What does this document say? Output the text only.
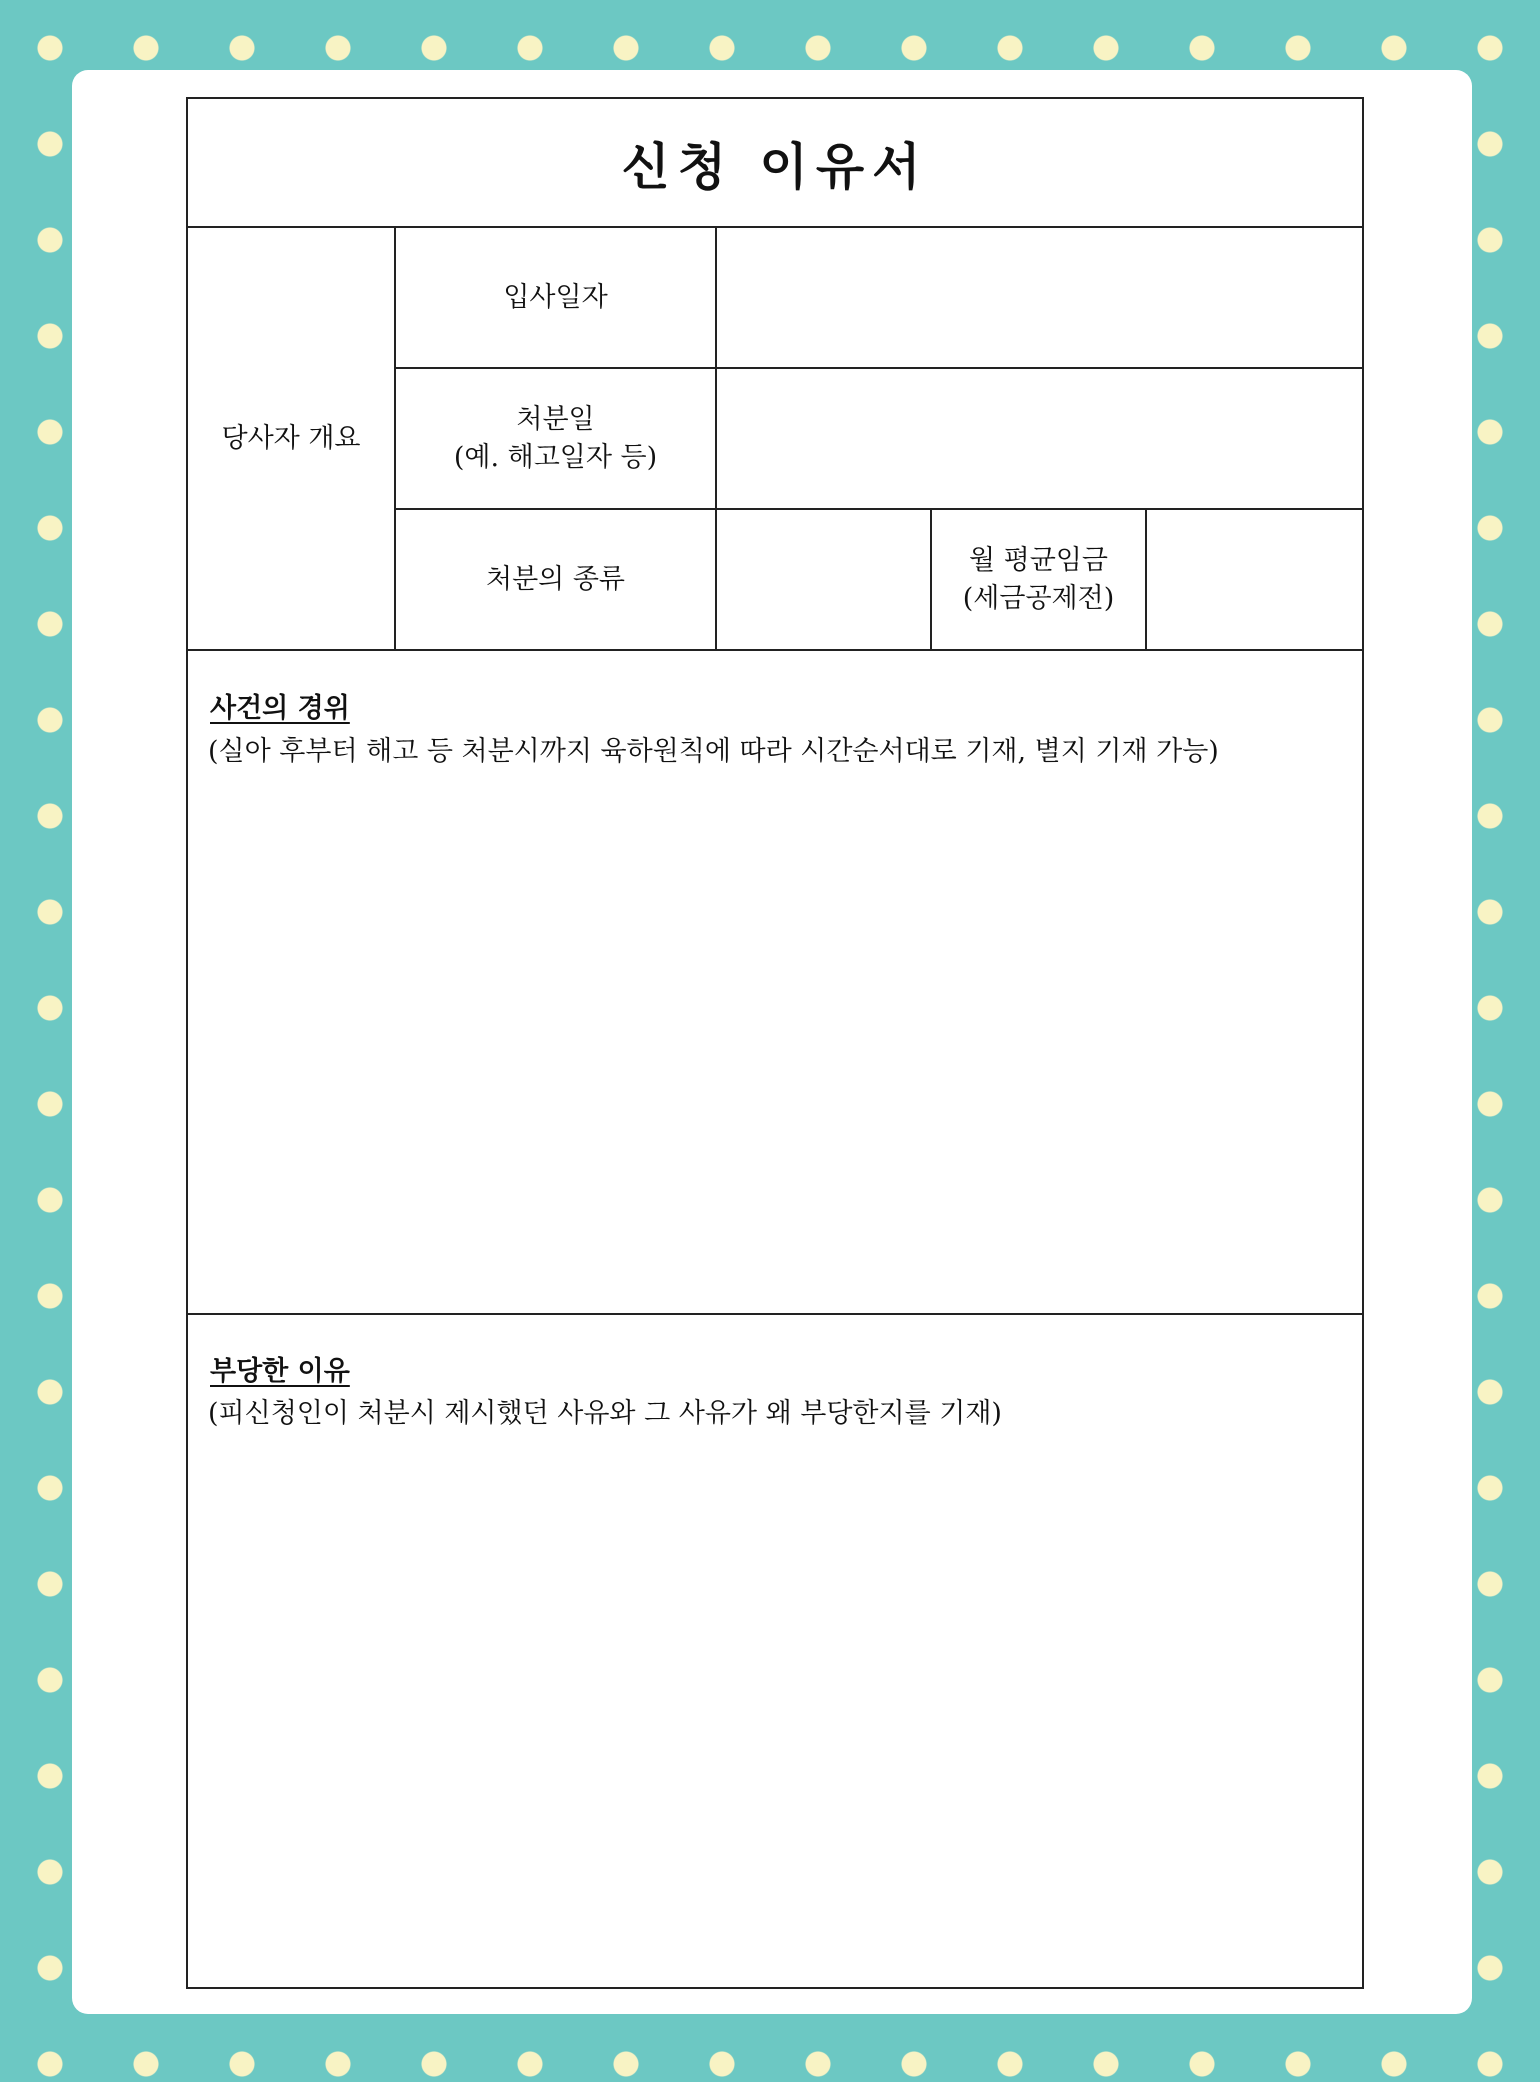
신청 이유서
당사자 개요
입사일자
처분일
(예. 해고일자 등)
처분의 종류
월 평균임금
(세금공제전)
사건의 경위
(실아 후부터 해고 등 처분시까지 육하원칙에 따라 시간순서대로 기재, 별지 기재 가능)
부당한 이유
(피신청인이 처분시 제시했던 사유와 그 사유가 왜 부당한지를 기재)
